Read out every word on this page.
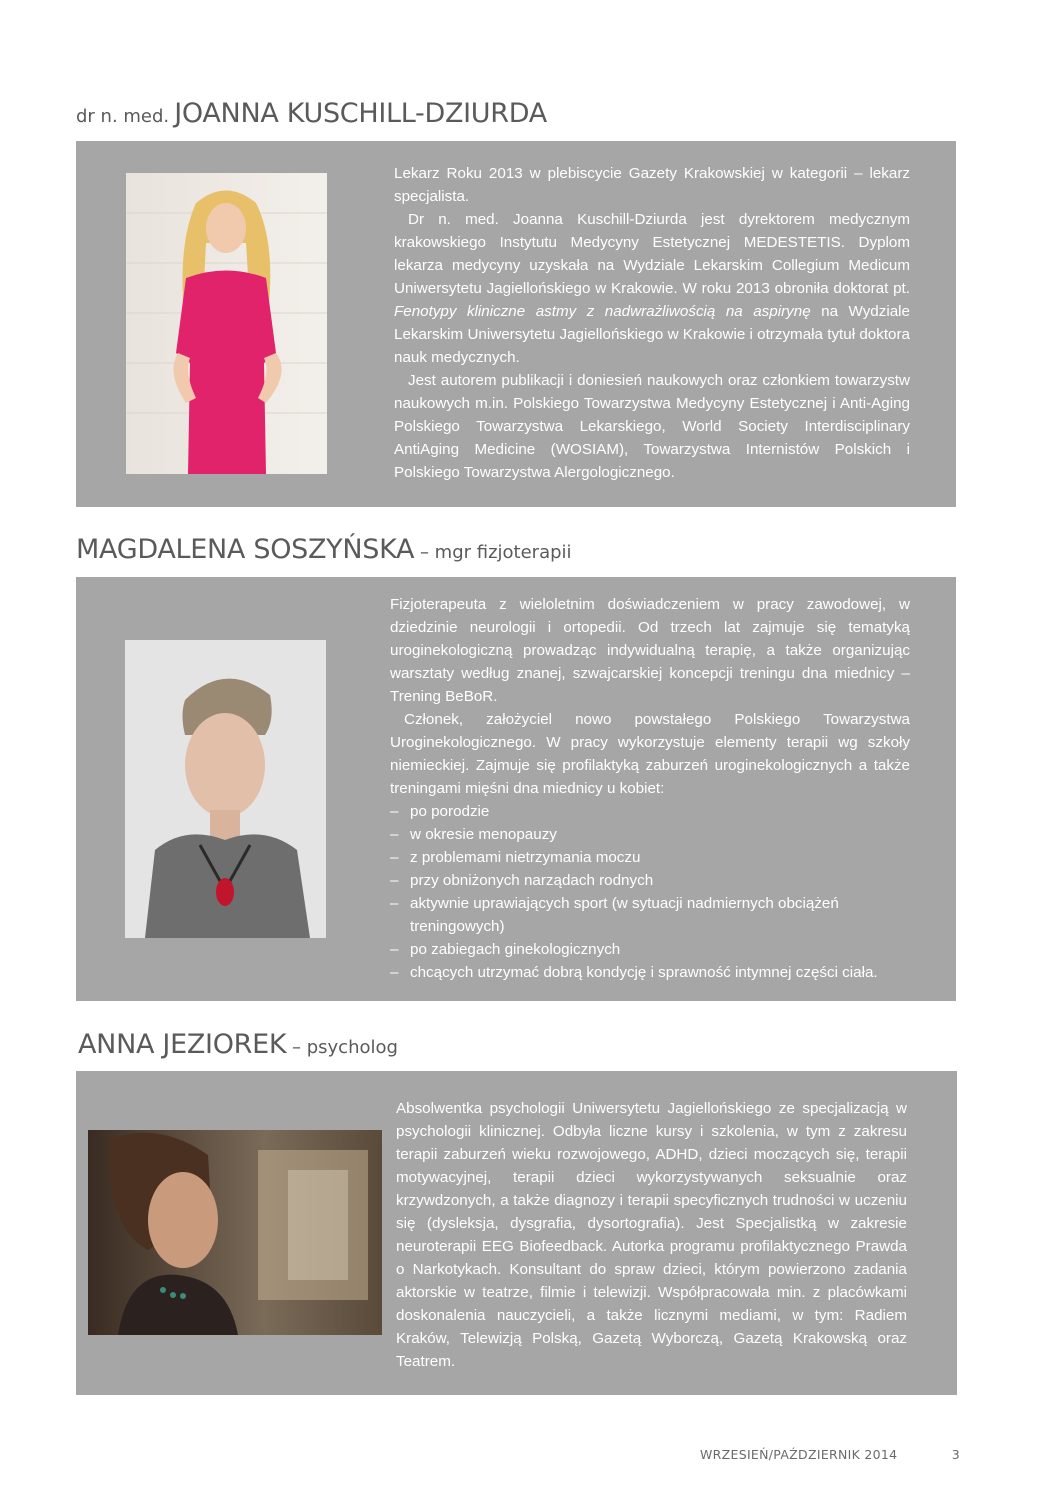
dr n. med. JOANNA KUSCHILL-DZIURDA

Lekarz Roku 2013 w plebiscycie Gazety Krakowskiej w kategorii – lekarz specjalista.

Dr n. med. Joanna Kuschill-Dziurda jest dyrektorem medycznym krakowskiego Instytutu Medycyny Estetycznej MEDESTETIS. Dyplom lekarza medycyny uzyskała na Wydziale Lekarskim Collegium Medicum Uniwersytetu Jagiellońskiego w Krakowie. W roku 2013 obroniła doktorat pt. Fenotypy kliniczne astmy z nadwrażliwością na aspirynę na Wydziale Lekarskim Uniwersytetu Jagiellońskiego w Krakowie i otrzymała tytuł doktora nauk medycznych.

Jest autorem publikacji i doniesień naukowych oraz członkiem towarzystw naukowych m.in. Polskiego Towarzystwa Medycyny Estetycznej i Anti-Aging Polskiego Towarzystwa Lekarskiego, World Society Interdisciplinary AntiAging Medicine (WOSIAM), Towarzystwa Internistów Polskich i Polskiego Towarzystwa Alergologicznego.

MAGDALENA SOSZYŃSKA – mgr fizjoterapii

Fizjoterapeuta z wieloletnim doświadczeniem w pracy zawodowej, w dziedzinie neurologii i ortopedii. Od trzech lat zajmuje się tematyką uroginekologiczną prowadząc indywidualną terapię, a także organizując warsztaty według znanej, szwajcarskiej koncepcji treningu dna miednicy – Trening BeBoR.

Członek, założyciel nowo powstałego Polskiego Towarzystwa Uroginekologicznego. W pracy wykorzystuje elementy terapii wg szkoły niemieckiej. Zajmuje się profilaktyką zaburzeń uroginekologicznych a także treningami mięśni dna miednicy u kobiet:

– po porodzie
– w okresie menopauzy
– z problemami nietrzymania moczu
– przy obniżonych narządach rodnych
– aktywnie uprawiających sport (w sytuacji nadmiernych obciążeń treningowych)
– po zabiegach ginekologicznych
– chcących utrzymać dobrą kondycję i sprawność intymnej części ciała.
ANNA JEZIOREK – psycholog

Absolwentka psychologii Uniwersytetu Jagiellońskiego ze specjalizacją w psychologii klinicznej. Odbyła liczne kursy i szkolenia, w tym z zakresu terapii zaburzeń wieku rozwojowego, ADHD, dzieci moczących się, terapii motywacyjnej, terapii dzieci wykorzystywanych seksualnie oraz krzywdzonych, a także diagnozy i terapii specyficznych trudności w uczeniu się (dysleksja, dysgrafia, dysortografia). Jest Specjalistką w zakresie neuroterapii EEG Biofeedback. Autorka programu profilaktycznego Prawda o Narkotykach. Konsultant do spraw dzieci, którym powierzono zadania aktorskie w teatrze, filmie i telewizji. Współpracowała min. z placówkami doskonalenia nauczycieli, a także licznymi mediami, w tym: Radiem Kraków, Telewizją Polską, Gazetą Wyborczą, Gazetą Krakowską oraz Teatrem.

WRZESIEŃ/PAŹDZIERNIK 2014	3
